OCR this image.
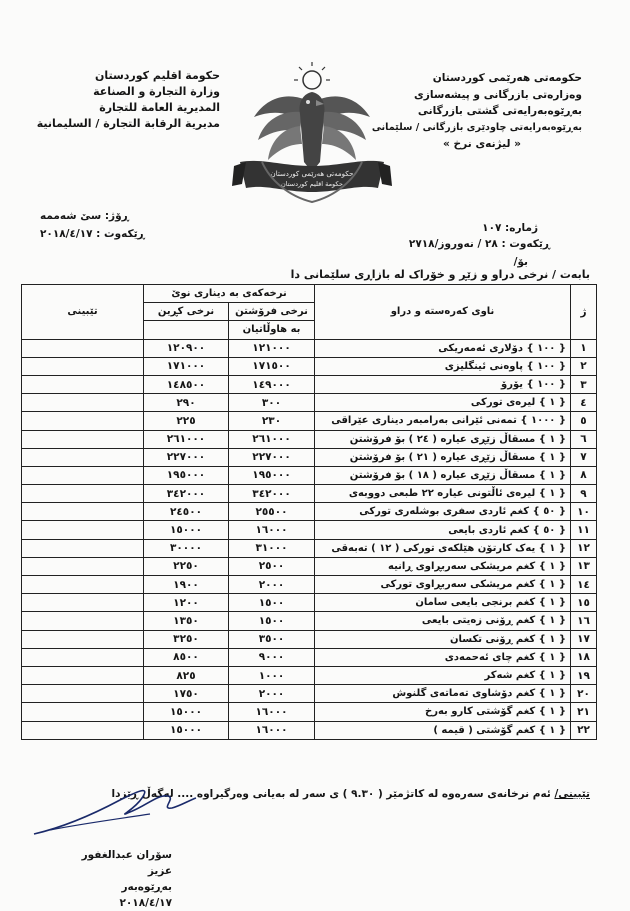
حکومەتی هەرێمی کوردستان
وەزارەتی بازرگانی و پیشەسازی
بەڕێوەبەرایەتی گشتی بازرگانی
بەڕێوەبەرایەتی چاودێری بازرگانی / سلێمانی
« لیژنەی نرخ »
حكومة اقليم كوردستان
وزارة التجارة و الصناعة
المديرية العامة للتجارة
مديرية الرقابة التجارة / السليمانية
حکومەتی هەرێمی کوردستان
حكومة اقليم كوردستان
ژمارە: ١٠٧
ڕێکەوت : ٢٨ / نەوروز/٢٧١٨
بۆ/
ڕۆژ: سێ شەممە
ڕێکەوت : ٢٠١٨/٤/١٧
بابەت / نرخی دراو و زێڕ و خۆراک لە بازاڕی سلێمانی دا
تێبینی	نرخەکەی بە دیناری نوێ		ناوی کەرەستە و دراو	ژ
	نرخی کڕین	نرخی فرۆشتن		
		بە هاوڵاتیان		
	١٢٠٩٠٠	١٢١٠٠٠	{ ١٠٠ } دۆلاری ئەمەریکی	١
	١٧١٠٠٠	١٧١٥٠٠	{ ١٠٠ } پاوەنی ئینگلیزی	٢
	١٤٨٥٠٠	١٤٩٠٠٠	{ ١٠٠ } یۆرۆ	٣
	٢٩٠	٣٠٠	{ ١ } لیرەی تورکی	٤
	٢٢٥	٢٣٠	{ ١٠٠٠ } تمەنی ئێرانی بەرامبەر دیناری عێراقی	٥
	٢٦١٠٠٠	٢٦١٠٠٠	{ ١ } مسقاڵ زێڕی عیارە ( ٢٤ ) بۆ فرۆشتن	٦
	٢٢٧٠٠٠	٢٢٧٠٠٠	{ ١ } مسقاڵ زێڕی عیارە ( ٢١ ) بۆ فرۆشتن	٧
	١٩٥٠٠٠	١٩٥٠٠٠	{ ١ } مسقاڵ زێڕی عیارە ( ١٨ ) بۆ فرۆشتن	٨
	٣٤٢٠٠٠	٣٤٢٠٠٠	{ ١ } لیرەی ئاڵتونی عیارە ٢٢ طبعی دووبەی	٩
	٢٤٥٠٠	٢٥٥٠٠	{ ٥٠ } کغم ئاردی سفری بوشلەری تورکی	١٠
	١٥٠٠٠	١٦٠٠٠	{ ٥٠ } کغم ئاردی بایعی	١١
	٣٠٠٠٠	٣١٠٠٠	{ ١ } یەک کارتۆن هێلکەی تورکی ( ١٢ ) تەبەقی	١٢
	٢٢٥٠	٢٥٠٠	{ ١ } کغم مریشکی سەربڕاوی ڕانیە	١٣
	١٩٠٠	٢٠٠٠	{ ١ } کغم مریشکی سەربڕاوی تورکی	١٤
	١٢٠٠	١٥٠٠	{ ١ } کغم برنجی بایعی سامان	١٥
	١٣٥٠	١٥٠٠	{ ١ } کغم ڕۆنی زەیتی بایعی	١٦
	٣٢٥٠	٣٥٠٠	{ ١ } کغم ڕۆنی تکسان	١٧
	٨٥٠٠	٩٠٠٠	{ ١ } کغم چای ئەحمەدی	١٨
	٨٢٥	١٠٠٠	{ ١ } کغم شەکر	١٩
	١٧٥٠	٢٠٠٠	{ ١ } کغم دۆشاوی تەماتەی گلنوش	٢٠
	١٥٠٠٠	١٦٠٠٠	{ ١ } کغم گۆشتی کارو بەرخ	٢١
	١٥٠٠٠	١٦٠٠٠	{ ١ } کغم گۆشتی ( قیمە )	٢٢
تێبینی/ ئەم نرخانەی سەرەوە لە کاتژمێر ( ٩.٣٠ ) ی سەر لە بەیانی وەرگیراوە .... لەگەڵ ڕێزدا
سۆران عبدالغفور عزیز
بەڕێوەبەر
٢٠١٨/٤/١٧
